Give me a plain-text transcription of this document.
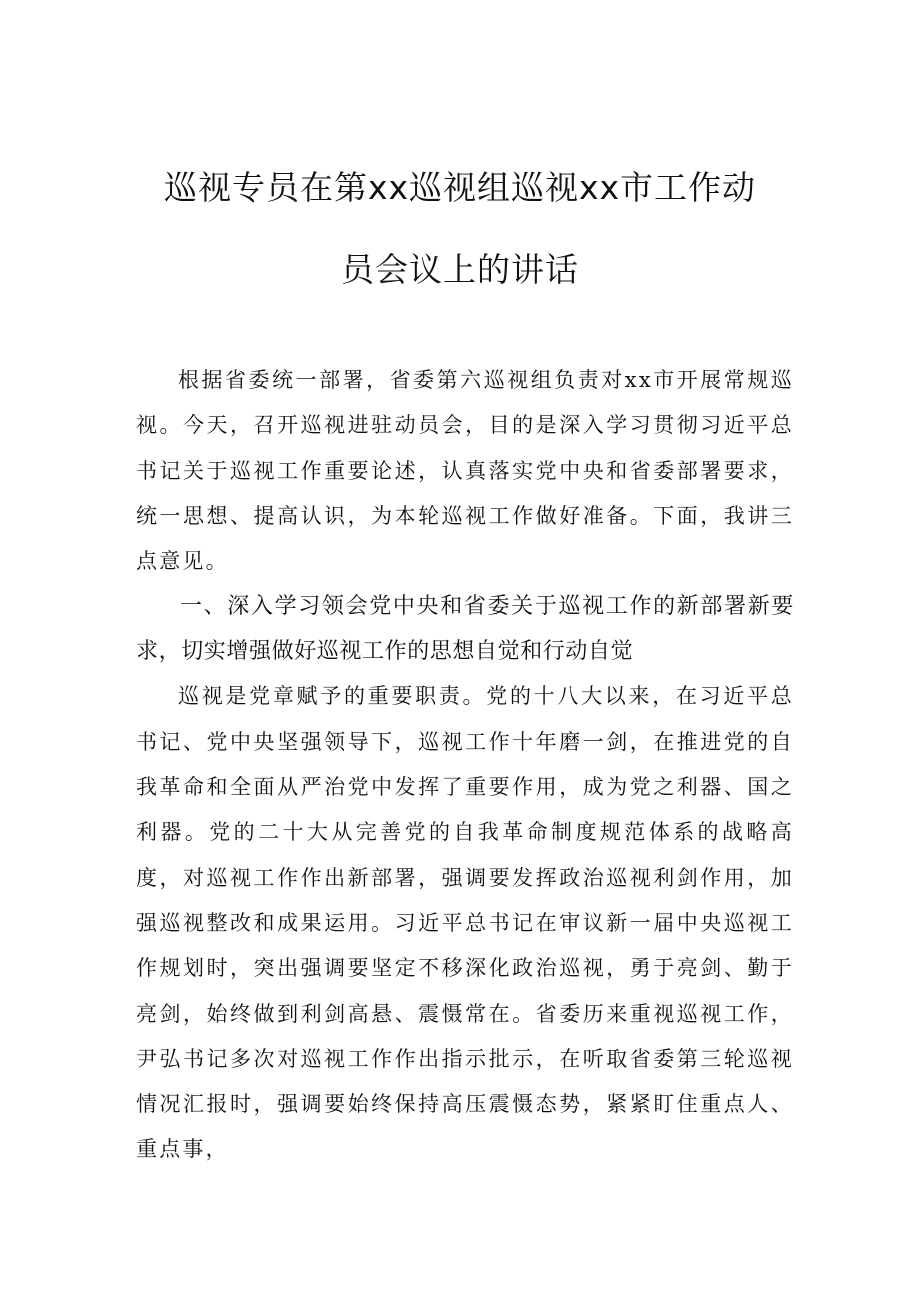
巡视专员在第xx巡视组巡视xx市工作动
员会议上的讲话

根据省委统一部署，省委第六巡视组负责对xx市开展常规巡视。今天，召开巡视进驻动员会，目的是深入学习贯彻习近平总书记关于巡视工作重要论述，认真落实党中央和省委部署要求，统一思想、提高认识，为本轮巡视工作做好准备。下面，我讲三点意见。

一、深入学习领会党中央和省委关于巡视工作的新部署新要求，切实增强做好巡视工作的思想自觉和行动自觉

巡视是党章赋予的重要职责。党的十八大以来，在习近平总书记、党中央坚强领导下，巡视工作十年磨一剑，在推进党的自我革命和全面从严治党中发挥了重要作用，成为党之利器、国之利器。党的二十大从完善党的自我革命制度规范体系的战略高度，对巡视工作作出新部署，强调要发挥政治巡视利剑作用，加强巡视整改和成果运用。习近平总书记在审议新一届中央巡视工作规划时，突出强调要坚定不移深化政治巡视，勇于亮剑、勤于亮剑，始终做到利剑高悬、震慑常在。省委历来重视巡视工作，尹弘书记多次对巡视工作作出指示批示，在听取省委第三轮巡视情况汇报时，强调要始终保持高压震慑态势，紧紧盯住重点人、重点事，
